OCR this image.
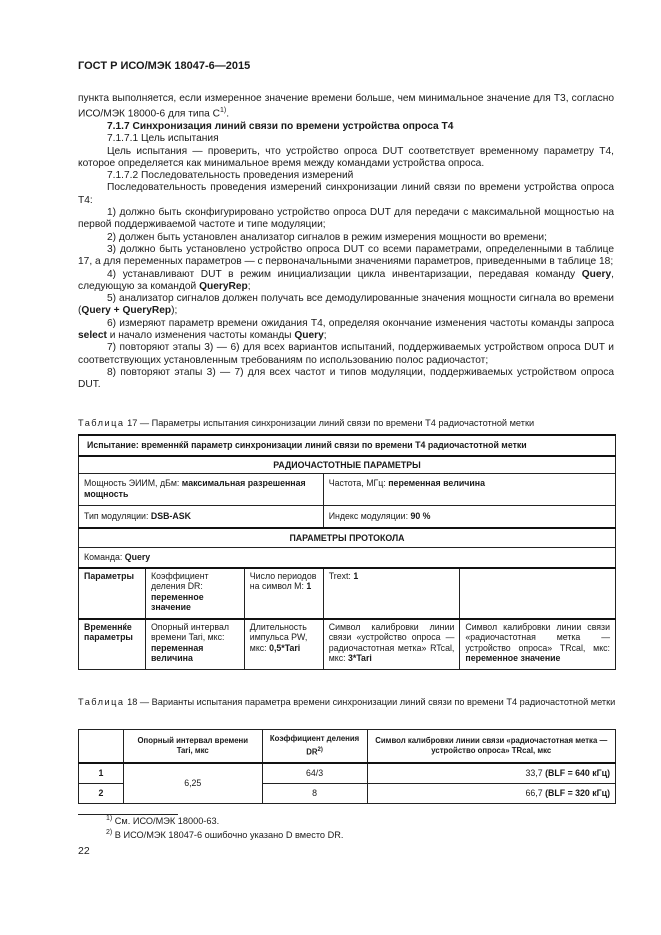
ГОСТ Р ИСО/МЭК 18047-6—2015

пункта выполняется, если измеренное значение времени больше, чем минимальное значение для T3, согласно ИСО/МЭК 18000-6 для типа $С^{1)}$.

7.1.7 Синхронизация линий связи по времени устройства опроса T4

7.1.7.1 Цель испытания

Цель испытания — проверить, что устройство опроса DUT соответствует временному параметру T4, которое определяется как минимальное время между командами устройства опроса.

7.1.7.2 Последовательность проведения измерений

Последовательность проведения измерений синхронизации линий связи по времени устройства опроса T4:

1) должно быть сконфигурировано устройство опроса DUT для передачи с максимальной мощностью на первой поддерживаемой частоте и типе модуляции;

2) должен быть установлен анализатор сигналов в режим измерения мощности во времени;

3) должно быть установлено устройство опроса DUT со всеми параметрами, определенными в таблице 17, а для переменных параметров — с первоначальными значениями параметров, приведенными в таблице 18;

4) устанавливают DUT в режим инициализации цикла инвентаризации, передавая команду Query, следующую за командой QueryRep;

5) анализатор сигналов должен получать все демодулированные значения мощности сигнала во времени (Query + QueryRep);

6) измеряют параметр времени ожидания T4, определяя окончание изменения частоты команды запроса select и начало изменения частоты команды Query;

7) повторяют этапы 3) — 6) для всех вариантов испытаний, поддерживаемых устройством опроса DUT и соответствующих установленным требованиям по использованию полос радиочастот;

8) повторяют этапы 3) — 7) для всех частот и типов модуляции, поддерживаемых устройством опроса DUT.

Таблица 17 — Параметры испытания синхронизации линий связи по времени T4 радиочастотной метки
Испытание: временнќй параметр синхронизации линий связи по времени T4 радиочастотной метки				
РАДИОЧАСТОТНЫЕ ПАРАМЕТРЫ				
Мощность ЭИИМ, дБм: максимальная разрешенная мощность			Частота, МГц: переменная величина	
Тип модуляции: DSB-ASK			Индекс модуляции: 90 %	
ПАРАМЕТРЫ ПРОТОКОЛА				
Команда: Query				
Параметры	Коэффициент деления DR: переменное значение	Число периодов на символ M: 1	Trext: 1	
Временнќе параметры	Опорный интервал времени Tari, мкс: переменная величина	Длительность импульса PW, мкс: 0,5*Tari	Символ калибровки линии связи «устройство опроса — радиочастотная метка» RTcal, мкс: 3*Tari	Символ калибровки линии связи «радиочастотная метка — устройство опроса» TRcal, мкс: переменное значение
Таблица 18 — Варианты испытания параметра времени синхронизации линий связи по времени T4 радиочастотной метки
	Опорный интервал времени Tari, мкс	Коэффициент деления DR$^{2)}$	Символ калибровки линии связи «радиочастотная метка — устройство опроса» TRcal, мкс
1	6,25	64/3	33,7 (BLF = 640 кГц)
2		8	66,7 (BLF = 320 кГц)
$^{1)}$ См. ИСО/МЭК 18000-63.
$^{2)}$ В ИСО/МЭК 18047-6 ошибочно указано D вместо DR.
22
